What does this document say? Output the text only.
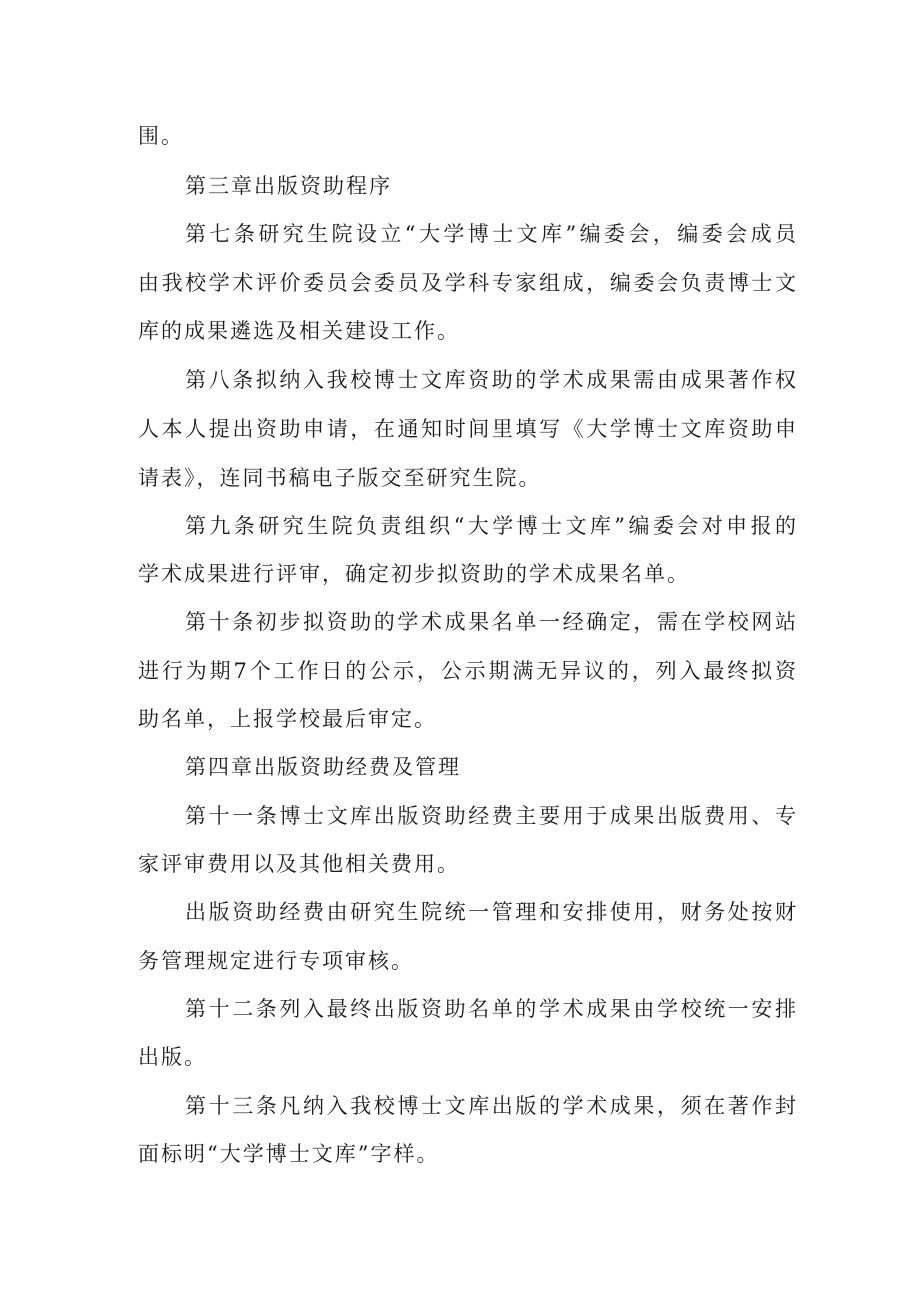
围。
第三章出版资助程序
第七条研究生院设立“大学博士文库”编委会，编委会成员
由我校学术评价委员会委员及学科专家组成，编委会负责博士文
库的成果遴选及相关建设工作。
第八条拟纳入我校博士文库资助的学术成果需由成果著作权
人本人提出资助申请，在通知时间里填写《大学博士文库资助申
请表》，连同书稿电子版交至研究生院。
第九条研究生院负责组织“大学博士文库”编委会对申报的
学术成果进行评审，确定初步拟资助的学术成果名单。
第十条初步拟资助的学术成果名单一经确定，需在学校网站
进行为期7个工作日的公示，公示期满无异议的，列入最终拟资
助名单，上报学校最后审定。
第四章出版资助经费及管理
第十一条博士文库出版资助经费主要用于成果出版费用、专
家评审费用以及其他相关费用。
出版资助经费由研究生院统一管理和安排使用，财务处按财
务管理规定进行专项审核。
第十二条列入最终出版资助名单的学术成果由学校统一安排
出版。
第十三条凡纳入我校博士文库出版的学术成果，须在著作封
面标明“大学博士文库”字样。
